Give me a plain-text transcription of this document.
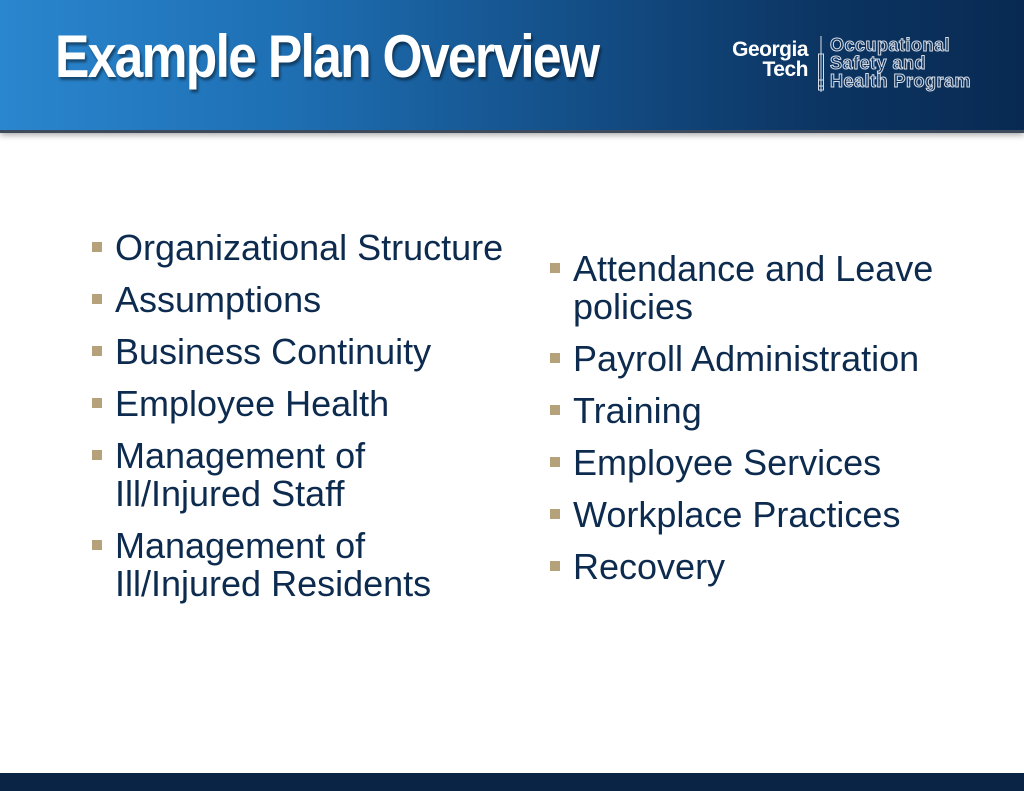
Example Plan Overview	Georgia
Tech
Occupational
Safety and
Health Program
Organizational Structure
Assumptions
Business Continuity
Employee Health
Management of Ill/Injured Staff
Management of Ill/Injured Residents
Attendance and Leave policies
Payroll Administration
Training
Employee Services
Workplace Practices
Recovery
